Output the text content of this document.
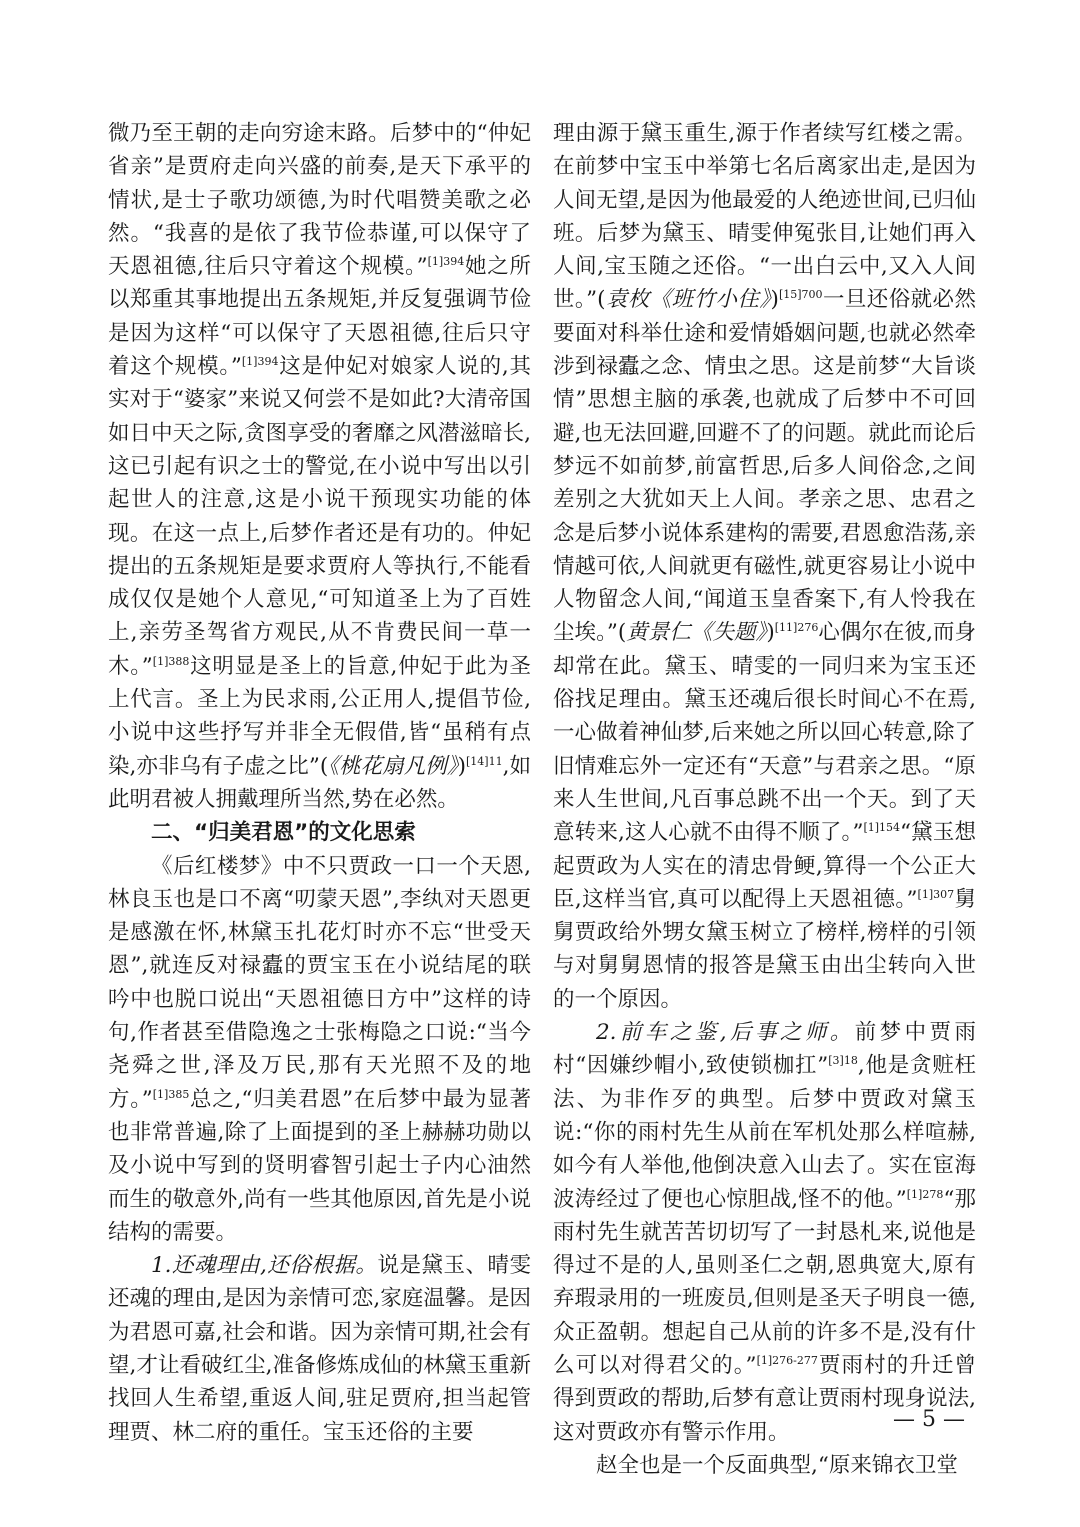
微乃至王朝的走向穷途末路。后梦中的“仲妃省亲”是贾府走向兴盛的前奏,是天下承平的情状,是士子歌功颂德,为时代唱赞美歌之必然。“我喜的是依了我节俭恭谨,可以保守了天恩祖德,往后只守着这个规模。”$^{[1]394}$她之所以郑重其事地提出五条规矩,并反复强调节俭是因为这样“可以保守了天恩祖德,往后只守着这个规模。”$^{[1]394}$这是仲妃对娘家人说的,其实对于“婆家”来说又何尝不是如此?大清帝国如日中天之际,贪图享受的奢靡之风潜滋暗长,这已引起有识之士的警觉,在小说中写出以引起世人的注意,这是小说干预现实功能的体现。在这一点上,后梦作者还是有功的。仲妃提出的五条规矩是要求贾府人等执行,不能看成仅仅是她个人意见,“可知道圣上为了百姓上,亲劳圣驾省方观民,从不肯费民间一草一木。”$^{[1]388}$这明显是圣上的旨意,仲妃于此为圣上代言。圣上为民求雨,公正用人,提倡节俭,小说中这些抒写并非全无假借,皆“虽稍有点染,亦非乌有子虚之比”(《桃花扇凡例》)$^{[14]11}$,如此明君被人拥戴理所当然,势在必然。

二、“归美君恩”的文化思索

《后红楼梦》中不只贾政一口一个天恩,林良玉也是口不离“叨蒙天恩”,李纨对天恩更是感激在怀,林黛玉扎花灯时亦不忘“世受天恩”,就连反对禄蠹的贾宝玉在小说结尾的联吟中也脱口说出“天恩祖德日方中”这样的诗句,作者甚至借隐逸之士张梅隐之口说:“当今尧舜之世,泽及万民,那有天光照不及的地方。”$^{[1]385}$总之,“归美君恩”在后梦中最为显著也非常普遍,除了上面提到的圣上赫赫功勋以及小说中写到的贤明睿智引起士子内心油然而生的敬意外,尚有一些其他原因,首先是小说结构的需要。

1.还魂理由,还俗根据。说是黛玉、晴雯还魂的理由,是因为亲情可恋,家庭温馨。是因为君恩可嘉,社会和谐。因为亲情可期,社会有望,才让看破红尘,准备修炼成仙的林黛玉重新找回人生希望,重返人间,驻足贾府,担当起管理贾、林二府的重任。宝玉还俗的主要

理由源于黛玉重生,源于作者续写红楼之需。在前梦中宝玉中举第七名后离家出走,是因为人间无望,是因为他最爱的人绝迹世间,已归仙班。后梦为黛玉、晴雯伸冤张目,让她们再入人间,宝玉随之还俗。“一出白云中,又入人间世。”(袁枚《班竹小住》)$^{[15]700}$一旦还俗就必然要面对科举仕途和爱情婚姻问题,也就必然牵涉到禄蠹之念、情虫之思。这是前梦“大旨谈情”思想主脑的承袭,也就成了后梦中不可回避,也无法回避,回避不了的问题。就此而论后梦远不如前梦,前富哲思,后多人间俗念,之间差别之大犹如天上人间。孝亲之思、忠君之念是后梦小说体系建构的需要,君恩愈浩荡,亲情越可依,人间就更有磁性,就更容易让小说中人物留念人间,“闻道玉皇香案下,有人怜我在尘埃。”(黄景仁《失题》)$^{[11]276}$心偶尔在彼,而身却常在此。黛玉、晴雯的一同归来为宝玉还俗找足理由。黛玉还魂后很长时间心不在焉,一心做着神仙梦,后来她之所以回心转意,除了旧情难忘外一定还有“天意”与君亲之思。“原来人生世间,凡百事总跳不出一个天。到了天意转来,这人心就不由得不顺了。”$^{[1]154}$“黛玉想起贾政为人实在的清忠骨鲠,算得一个公正大臣,这样当官,真可以配得上天恩祖德。”$^{[1]307}$舅舅贾政给外甥女黛玉树立了榜样,榜样的引领与对舅舅恩情的报答是黛玉由出尘转向入世的一个原因。

2.前车之鉴,后事之师。前梦中贾雨村“因嫌纱帽小,致使锁枷扛”$^{[3]18}$,他是贪赃枉法、为非作歹的典型。后梦中贾政对黛玉说:“你的雨村先生从前在军机处那么样喧赫,如今有人举他,他倒决意入山去了。实在宦海波涛经过了便也心惊胆战,怪不的他。”$^{[1]278}$“那雨村先生就苦苦切切写了一封恳札来,说他是得过不是的人,虽则圣仁之朝,恩典宽大,原有弃瑕录用的一班废员,但则是圣天子明良一德,众正盈朝。想起自己从前的许多不是,没有什么可以对得君父的。”$^{[1]276-277}$贾雨村的升迁曾得到贾政的帮助,后梦有意让贾雨村现身说法,这对贾政亦有警示作用。

赵全也是一个反面典型,“原来锦衣卫堂

— 5 —
